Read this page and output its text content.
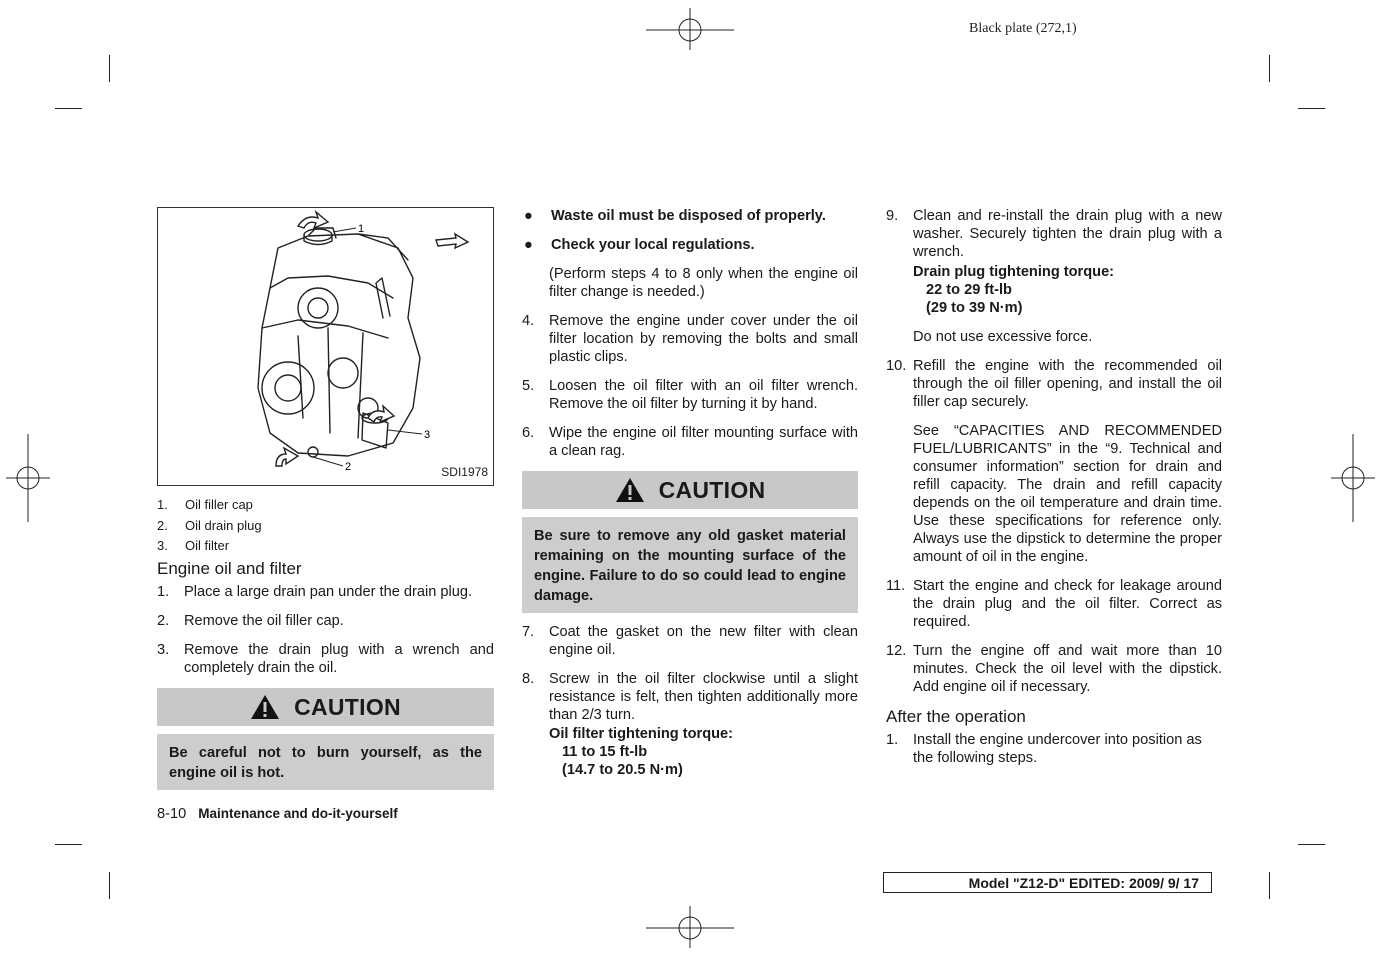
Black plate (272,1)
1
3
2	SDI1978
1.	Oil filler cap
2.	Oil drain plug
3.	Oil filter
Engine oil and filter
1.	Place a large drain pan under the drain plug.
2.	Remove the oil filler cap.
3.	Remove the drain plug with a wrench and completely drain the oil.
CAUTION
Be careful not to burn yourself, as the engine oil is hot.
●	Waste oil must be disposed of properly.
●	Check your local regulations.
(Perform steps 4 to 8 only when the engine oil filter change is needed.)
4.	Remove the engine under cover under the oil filter location by removing the bolts and small plastic clips.
5.	Loosen the oil filter with an oil filter wrench. Remove the oil filter by turning it by hand.
6.	Wipe the engine oil filter mounting surface with a clean rag.
CAUTION
Be sure to remove any old gasket material remaining on the mounting surface of the engine. Failure to do so could lead to engine damage.
7.	Coat the gasket on the new filter with clean engine oil.
8.	Screw in the oil filter clockwise until a slight resistance is felt, then tighten additionally more than 2/3 turn.
Oil filter tightening torque:
11 to 15 ft-lb
(14.7 to 20.5 N·m)
9.	Clean and re-install the drain plug with a new washer. Securely tighten the drain plug with a wrench.
Drain plug tightening torque:
22 to 29 ft-lb
(29 to 39 N·m)
Do not use excessive force.
10. Refill the engine with the recommended oil through the oil filler opening, and install the oil filler cap securely.
See “CAPACITIES AND RECOMMENDED FUEL/LUBRICANTS” in the “9. Technical and consumer information” section for drain and refill capacity. The drain and refill capacity depends on the oil temperature and drain time. Use these specifications for reference only. Always use the dipstick to determine the proper amount of oil in the engine.
11. Start the engine and check for leakage around the drain plug and the oil filter. Correct as required.
12. Turn the engine off and wait more than 10 minutes. Check the oil level with the dipstick. Add engine oil if necessary.
After the operation
1.	Install the engine undercover into position as the following steps.
8-10 Maintenance and do-it-yourself
Model "Z12-D" EDITED: 2009/ 9/ 17
